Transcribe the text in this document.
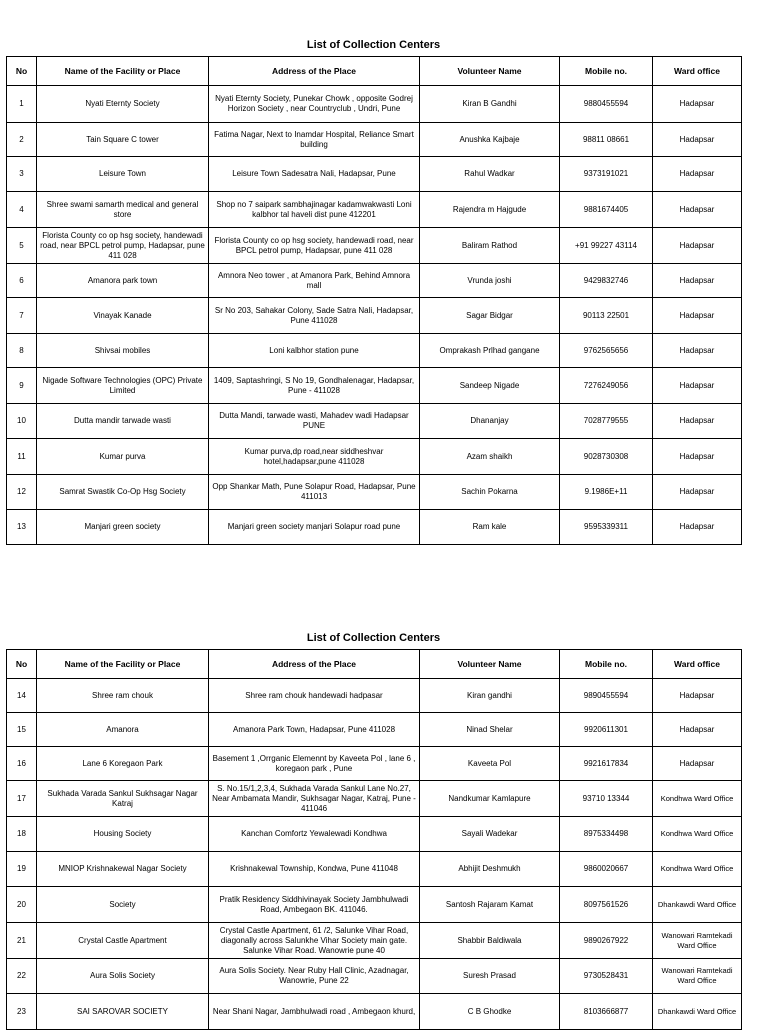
List of Collection Centers
No	Name of the Facility or Place	Address of the Place	Volunteer Name	Mobile no.	Ward office
1	Nyati Eternty Society	Nyati Eternty Society, Punekar Chowk , opposite Godrej Horizon Society , near Countryclub , Undri, Pune	Kiran B Gandhi	9880455594	Hadapsar
2	Tain Square C tower	Fatima Nagar, Next to Inamdar Hospital, Reliance Smart building	Anushka Kajbaje	98811 08661	Hadapsar
3	Leisure Town	Leisure Town Sadesatra Nali, Hadapsar, Pune	Rahul Wadkar	9373191021	Hadapsar
4	Shree swami samarth medical and general store	Shop no 7 saipark sambhajinagar kadamwakwasti Loni kalbhor tal haveli dist pune 412201	Rajendra m Hajgude	9881674405	Hadapsar
5	Florista County co op hsg society, handewadi road, near BPCL petrol pump, Hadapsar, pune 411 028	Florista County co op hsg society, handewadi road, near BPCL petrol pump, Hadapsar, pune 411 028	Baliram Rathod	+91 99227 43114	Hadapsar
6	Amanora park town	Amnora Neo tower , at Amanora Park, Behind Amnora mall	Vrunda joshi	9429832746	Hadapsar
7	Vinayak Kanade	Sr No 203, Sahakar Colony, Sade Satra Nali, Hadapsar, Pune 411028	Sagar Bidgar	90113 22501	Hadapsar
8	Shivsai mobiles	Loni kalbhor station pune	Omprakash Prlhad gangane	9762565656	Hadapsar
9	Nigade Software Technologies (OPC) Private Limited	1409, Saptashringi, S No 19, Gondhalenagar, Hadapsar, Pune - 411028	Sandeep Nigade	7276249056	Hadapsar
10	Dutta mandir tarwade wasti	Dutta Mandi, tarwade wasti, Mahadev wadi Hadapsar PUNE	Dhananjay	7028779555	Hadapsar
11	Kumar purva	Kumar purva,dp road,near siddheshvar hotel,hadapsar,pune 411028	Azam shaikh	9028730308	Hadapsar
12	Samrat Swastik Co-Op Hsg Society	Opp Shankar Math, Pune Solapur Road, Hadapsar, Pune 411013	Sachin Pokarna	9.1986E+11	Hadapsar
13	Manjari green society	Manjari green society manjari Solapur road pune	Ram kale	9595339311	Hadapsar
List of Collection Centers
No	Name of the Facility or Place	Address of the Place	Volunteer Name	Mobile no.	Ward office
14	Shree ram chouk	Shree ram chouk handewadi hadpasar	Kiran gandhi	9890455594	Hadapsar
15	Amanora	Amanora Park Town, Hadapsar, Pune 411028	Ninad Shelar	9920611301	Hadapsar
16	Lane 6 Koregaon Park	Basement 1 ,Orrganic Elemennt by Kaveeta Pol , lane 6 , koregaon park , Pune	Kaveeta Pol	9921617834	Hadapsar
17	Sukhada Varada Sankul Sukhsagar Nagar Katraj	S. No.15/1,2,3,4, Sukhada Varada Sankul Lane No.27, Near Ambamata Mandir, Sukhsagar Nagar, Katraj, Pune - 411046	Nandkumar Kamlapure	93710 13344	Kondhwa Ward Office
18	Housing Society	Kanchan Comfortz Yewalewadi Kondhwa	Sayali Wadekar	8975334498	Kondhwa Ward Office
19	MNIOP Krishnakewal Nagar Society	Krishnakewal Township, Kondwa, Pune 411048	Abhijit Deshmukh	9860020667	Kondhwa Ward Office
20	Society	Pratik Residency Siddhivinayak Society Jambhulwadi Road, Ambegaon BK. 411046.	Santosh Rajaram Kamat	8097561526	Dhankawdi Ward Office
21	Crystal Castle Apartment	Crystal Castle Apartment, 61 /2, Salunke Vihar Road, diagonally across Salunkhe Vihar Society main gate. Salunke Vihar Road. Wanowrie pune 40	Shabbir Baldiwala	9890267922	Wanowari Ramtekadi Ward Office
22	Aura Solis Society	Aura Solis Society. Near Ruby Hall Clinic, Azadnagar, Wanowrie, Pune 22	Suresh Prasad	9730528431	Wanowari Ramtekadi Ward Office
23	SAI SAROVAR SOCIETY	Near Shani Nagar, Jambhulwadi road , Ambegaon khurd,	C B Ghodke	8103666877	Dhankawdi Ward Office
